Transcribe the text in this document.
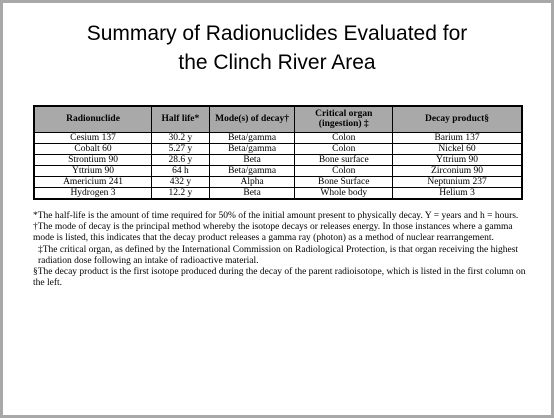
Summary of Radionuclides Evaluated for
the Clinch River Area
Radionuclide	Half life*	Mode(s) of decay†	Critical organ (ingestion) ‡	Decay product§
Cesium 137	30.2 y	Beta/gamma	Colon	Barium 137
Cobalt 60	5.27 y	Beta/gamma	Colon	Nickel 60
Strontium 90	28.6 y	Beta	Bone surface	Yttrium 90
Yttrium 90	64 h	Beta/gamma	Colon	Zirconium 90
Americium 241	432 y	Alpha	Bone Surface	Neptunium 237
Hydrogen 3	12.2 y	Beta	Whole body	Helium 3

*The half-life is the amount of time required for 50% of the initial amount present to physically decay. Y = years and h = hours.

†The mode of decay is the principal method whereby the isotope decays or releases energy. In those instances where a gamma mode is listed, this indicates that the decay product releases a gamma ray (photon) as a method of nuclear rearrangement.

‡The critical organ, as defined by the International Commission on Radiological Protection, is that organ receiving the highest radiation dose following an intake of radioactive material.

§The decay product is the first isotope produced during the decay of the parent radioisotope, which is listed in the first column on the left.
